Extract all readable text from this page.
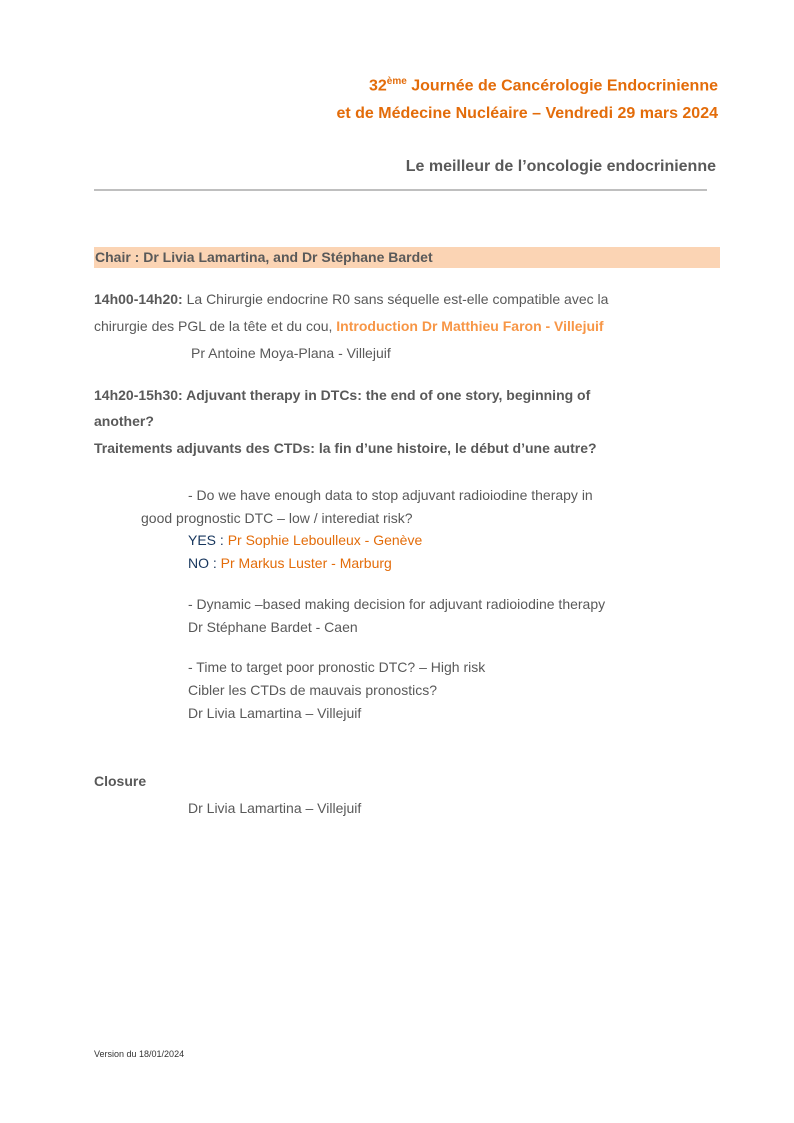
32ème Journée de Cancérologie Endocrinienne
et de Médecine Nucléaire – Vendredi 29 mars 2024
Le meilleur de l’oncologie endocrinienne
Chair : Dr Livia Lamartina, and Dr Stéphane Bardet
14h00-14h20: La Chirurgie endocrine R0 sans séquelle est-elle compatible avec la
chirurgie des PGL de la tête et du cou, Introduction Dr Matthieu Faron - Villejuif
Pr Antoine Moya-Plana - Villejuif
14h20-15h30: Adjuvant therapy in DTCs: the end of one story, beginning of
another?
Traitements adjuvants des CTDs: la fin d’une histoire, le début d’une autre?
- Do we have enough data to stop adjuvant radioiodine therapy in
good prognostic DTC – low / interediat risk?
YES : Pr Sophie Leboulleux - Genève
NO : Pr Markus Luster - Marburg
- Dynamic –based making decision for adjuvant radioiodine therapy
Dr Stéphane Bardet - Caen
- Time to target poor pronostic DTC? – High risk
Cibler les CTDs de mauvais pronostics?
Dr Livia Lamartina – Villejuif
Closure
Dr Livia Lamartina – Villejuif
Version du 18/01/2024
